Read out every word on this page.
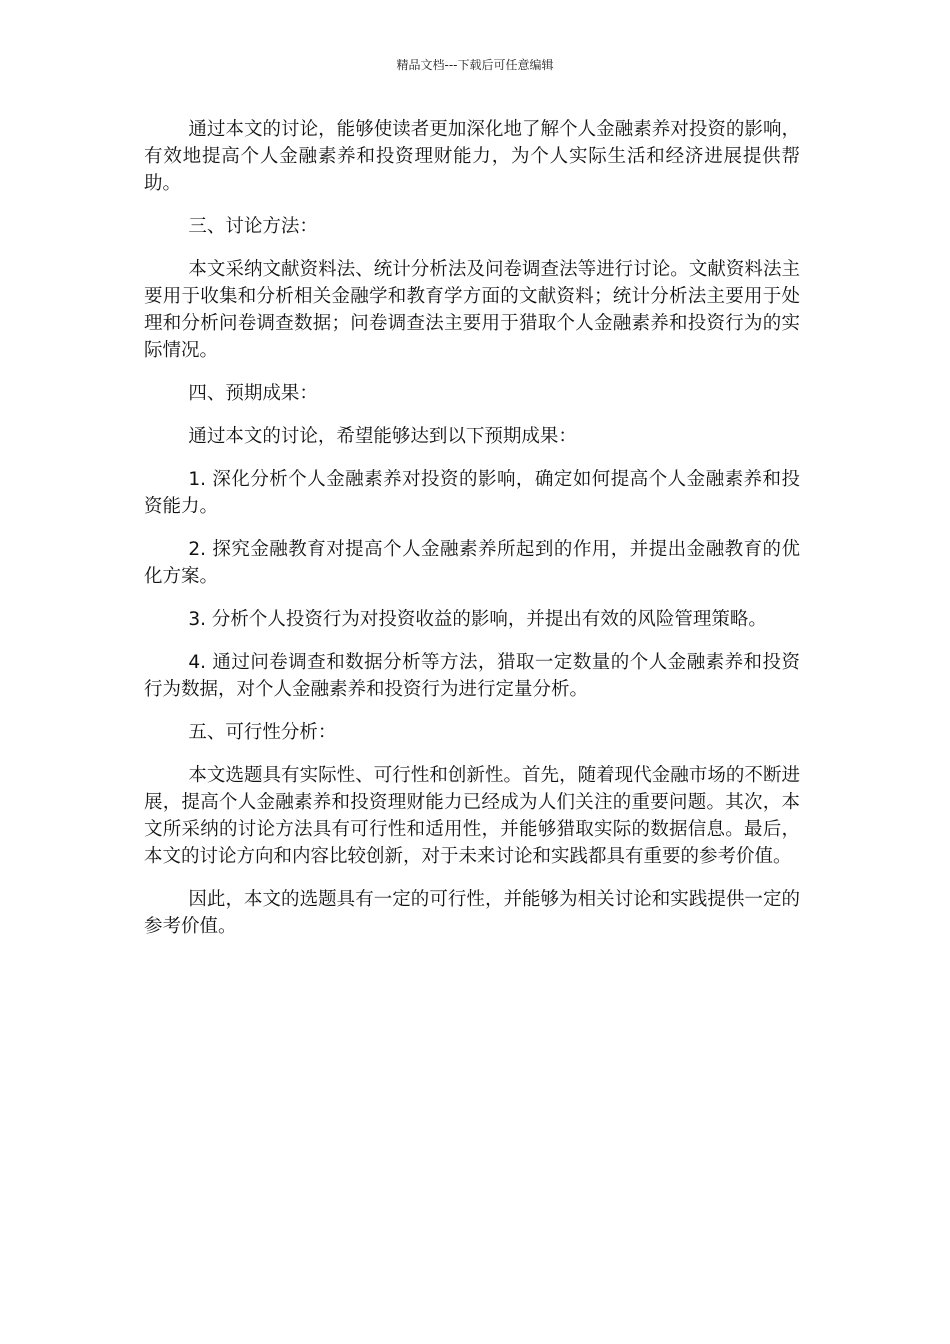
精品文档---下载后可任意编辑

通过本文的讨论，能够使读者更加深化地了解个人金融素养对投资的影响，有效地提高个人金融素养和投资理财能力，为个人实际生活和经济进展提供帮助。

三、讨论方法：

本文采纳文献资料法、统计分析法及问卷调查法等进行讨论。文献资料法主要用于收集和分析相关金融学和教育学方面的文献资料；统计分析法主要用于处理和分析问卷调查数据；问卷调查法主要用于猎取个人金融素养和投资行为的实际情况。

四、预期成果：

通过本文的讨论，希望能够达到以下预期成果：

1. 深化分析个人金融素养对投资的影响，确定如何提高个人金融素养和投资能力。

2. 探究金融教育对提高个人金融素养所起到的作用，并提出金融教育的优化方案。

3. 分析个人投资行为对投资收益的影响，并提出有效的风险管理策略。

4. 通过问卷调查和数据分析等方法，猎取一定数量的个人金融素养和投资行为数据，对个人金融素养和投资行为进行定量分析。

五、可行性分析：

本文选题具有实际性、可行性和创新性。首先，随着现代金融市场的不断进展，提高个人金融素养和投资理财能力已经成为人们关注的重要问题。其次，本文所采纳的讨论方法具有可行性和适用性，并能够猎取实际的数据信息。最后，本文的讨论方向和内容比较创新，对于未来讨论和实践都具有重要的参考价值。

因此，本文的选题具有一定的可行性，并能够为相关讨论和实践提供一定的参考价值。
